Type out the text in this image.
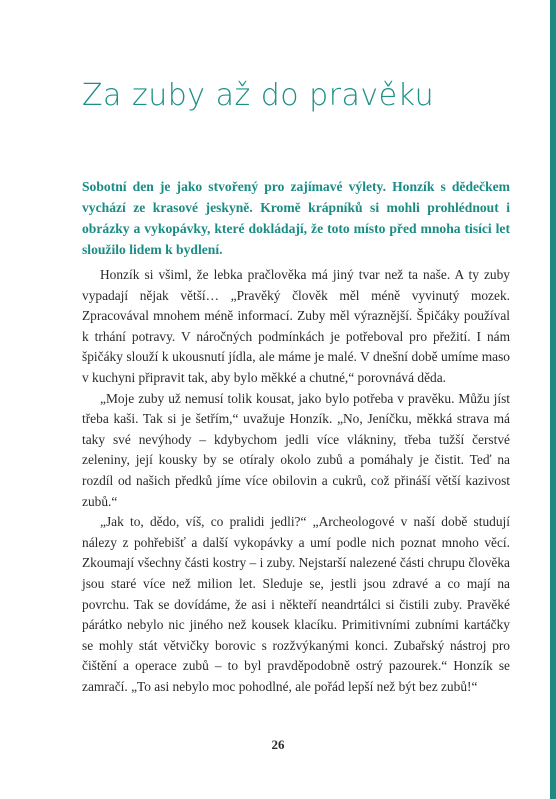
Za zuby až do pravěku

Sobotní den je jako stvořený pro zajímavé výlety. Honzík s dědečkem vychází ze krasové jeskyně. Kromě krápníků si mohli prohlédnout i obrázky a vykopávky, které dokládají, že toto místo před mnoha tisíci let sloužilo lidem k bydlení.

Honzík si všiml, že lebka pračlověka má jiný tvar než ta naše. A ty zuby vypadají nějak větší… „Pravěký člověk měl méně vyvinutý mozek. Zpracovával mnohem méně informací. Zuby měl výraznější. Špičáky používal k trhání potravy. V náročných podmínkách je potřeboval pro přežití. I nám špičáky slouží k ukousnutí jídla, ale máme je malé. V dnešní době umíme maso v kuchyni připravit tak, aby bylo měkké a chutné,“ porovnává děda.

„Moje zuby už nemusí tolik kousat, jako bylo potřeba v pravěku. Můžu jíst třeba kaši. Tak si je šetřím,“ uvažuje Honzík. „No, Jeníčku, měkká strava má taky své nevýhody – kdybychom jedli více vlákniny, třeba tužší čerstvé zeleniny, její kousky by se otíraly okolo zubů a pomáhaly je čistit. Teď na rozdíl od našich předků jíme více obilovin a cukrů, což přináší větší kazivost zubů.“

„Jak to, dědo, víš, co pralidi jedli?“ „Archeologové v naší době studují nálezy z pohřebišť a další vykopávky a umí podle nich poznat mnoho věcí. Zkoumají všechny části kostry – i zuby. Nejstarší nalezené části chrupu člověka jsou staré více než milion let. Sleduje se, jestli jsou zdravé a co mají na povrchu. Tak se dovídáme, že asi i někteří neandrtálci si čistili zuby. Pravěké párátko nebylo nic jiného než kousek klacíku. Primitivními zubními kartáčky se mohly stát větvičky borovic s rozžvýkanými konci. Zubařský nástroj pro čištění a operace zubů – to byl pravděpodobně ostrý pazourek.“ Honzík se zamračí. „To asi nebylo moc pohodlné, ale pořád lepší než být bez zubů!“

26
